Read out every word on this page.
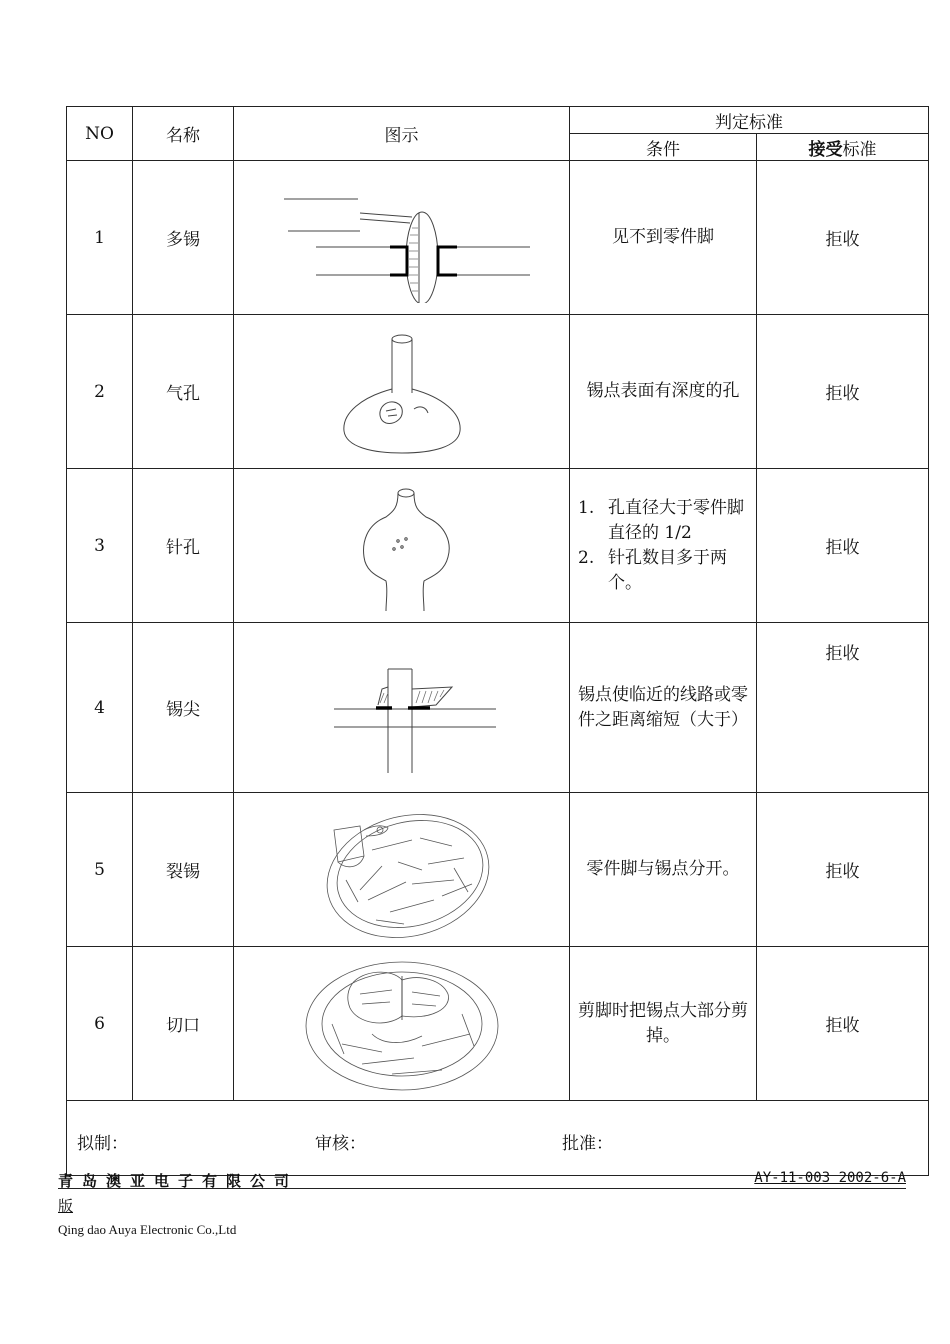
NO	名称	图示	判定标准	
			条件	接受标准
1	多锡		见不到零件脚	拒收
2	气孔		锡点表面有深度的孔	拒收
3	针孔		1. 孔直径大于零件脚直径的 1/2
2. 针孔数目多于两个。	拒收
4	锡尖		锡点使临近的线路或零件之距离缩短（大于）	拒收
5	裂锡		零件脚与锡点分开。	拒收
6	切口		剪脚时把锡点大部分剪掉。	拒收

拟制： 审核： 批准：				
青岛澳亚电子有限公司	AY-11-003 2002-6-A
版
Qing dao Auya Electronic Co.,Ltd
